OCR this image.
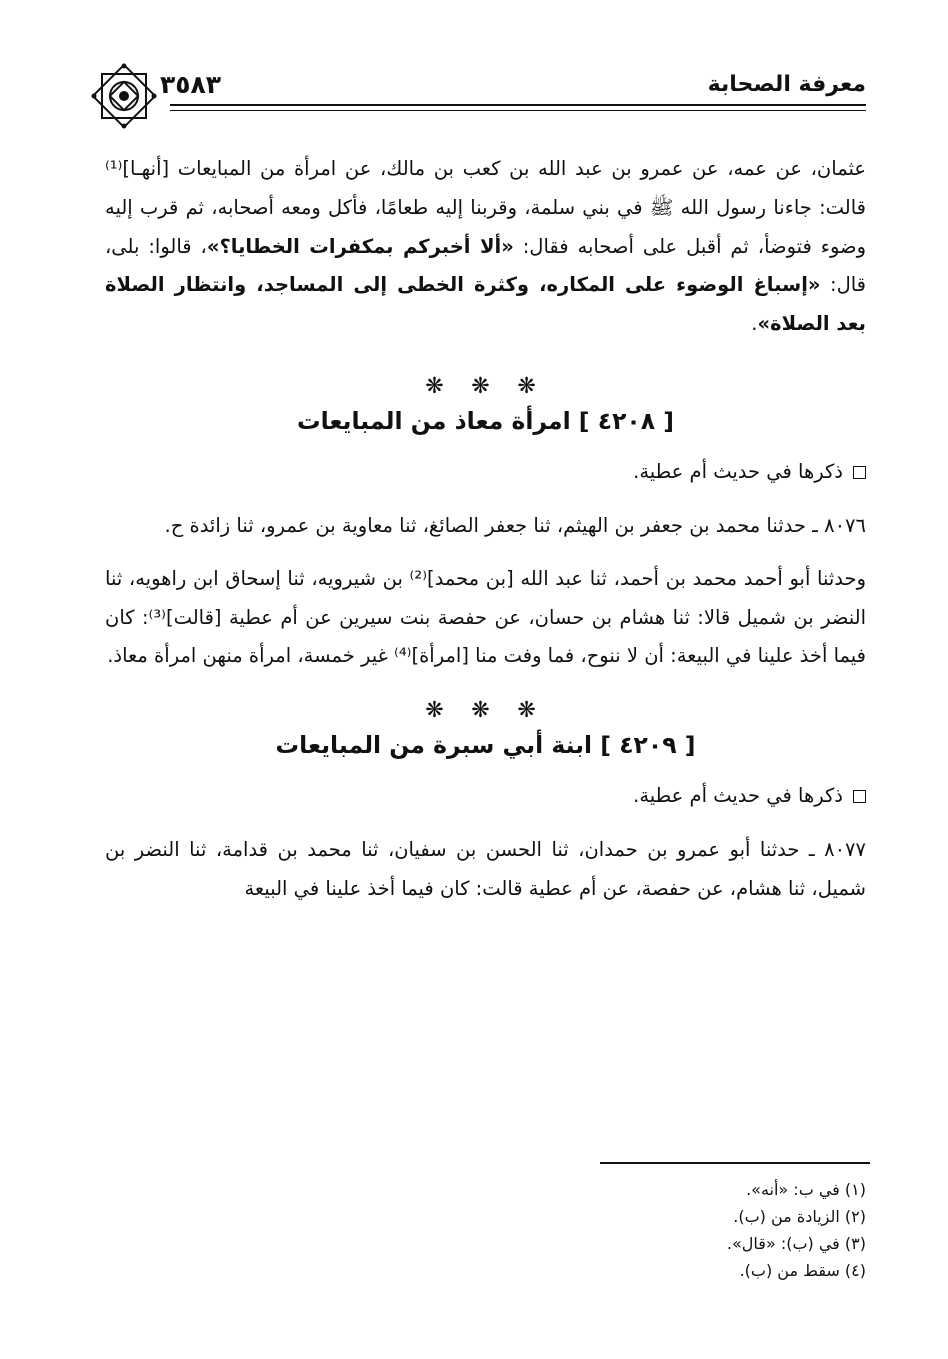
معرفة الصحابة
٣٥٨٣

عثمان، عن عمه، عن عمرو بن عبد الله بن كعب بن مالك، عن امرأة من المبايعات [أنهـا]⁽¹⁾ قالت: جاءنا رسول الله ﷺ في بني سلمة، وقربنا إليه طعامًا، فأكل ومعه أصحابه، ثم قرب إليه وضوء فتوضأ، ثم أقبل على أصحابه فقال: «ألا أخبركم بمكفرات الخطايا؟»، قالوا: بلى، قال: «إسباغ الوضوء على المكاره، وكثرة الخطى إلى المساجد، وانتظار الصلاة بعد الصلاة».

❋ ❋ ❋
[ ٤٢٠٨ ] امرأة معاذ من المبايعات
ذكرها في حديث أم عطية.

٨٠٧٦ ـ حدثنا محمد بن جعفر بن الهيثم، ثنا جعفر الصائغ، ثنا معاوية بن عمرو، ثنا زائدة ح.

وحدثنا أبو أحمد محمد بن أحمد، ثنا عبد الله [بن محمد]⁽²⁾ بن شيرويه، ثنا إسحاق ابن راهويه، ثنا النضر بن شميل قالا: ثنا هشام بن حسان، عن حفصة بنت سيرين عن أم عطية [قالت]⁽³⁾: كان فيما أخذ علينا في البيعة: أن لا ننوح، فما وفت منا [امرأة]⁽⁴⁾ غير خمسة، امرأة منهن امرأة معاذ.

❋ ❋ ❋
[ ٤٢٠٩ ] ابنة أبي سبرة من المبايعات
ذكرها في حديث أم عطية.

٨٠٧٧ ـ حدثنا أبو عمرو بن حمدان، ثنا الحسن بن سفيان، ثنا محمد بن قدامة، ثنا النضر بن شميل، ثنا هشام، عن حفصة، عن أم عطية قالت: كان فيما أخذ علينا في البيعة

(١) في ب: «أنه».

(٢) الزيادة من (ب).

(٣) في (ب): «قال».

(٤) سقط من (ب).
